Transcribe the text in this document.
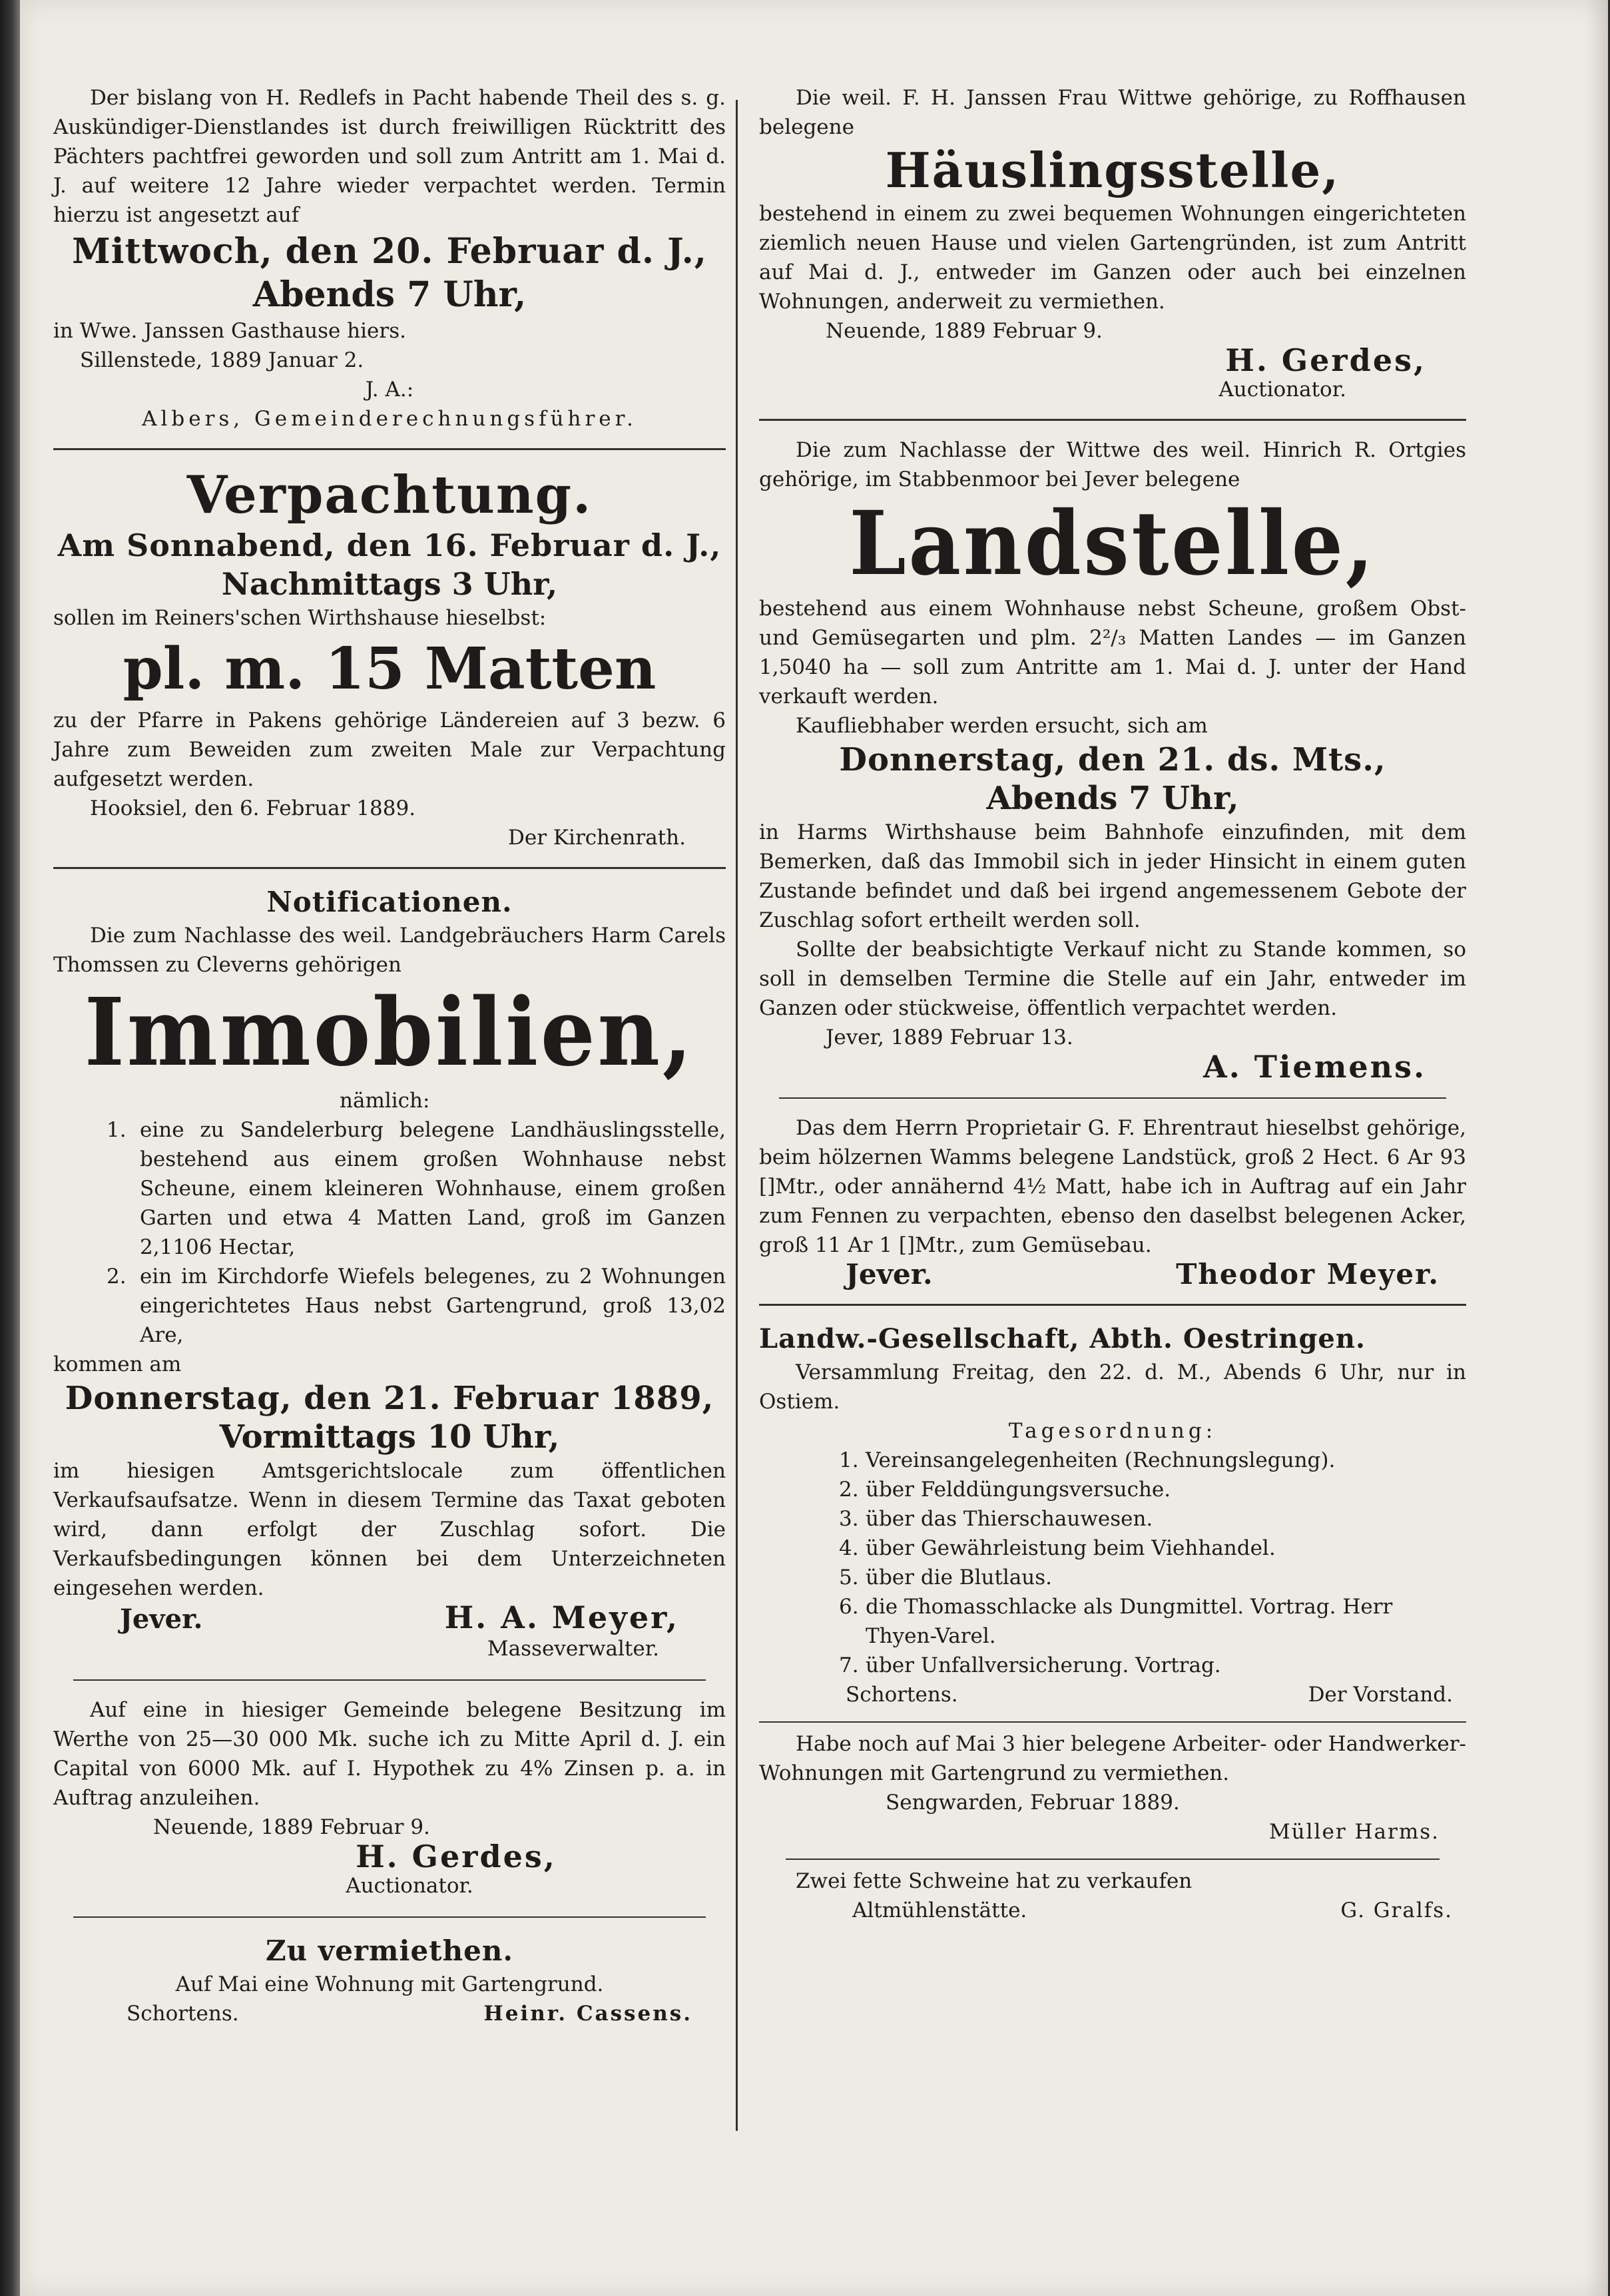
Der bislang von H. Redlefs in Pacht habende Theil des s. g. Auskündiger-Dienstlandes ist durch freiwilligen Rücktritt des Pächters pachtfrei geworden und soll zum Antritt am 1. Mai d. J. auf weitere 12 Jahre wieder verpachtet werden. Termin hierzu ist angesetzt auf

Mittwoch, den 20. Februar d. J.,
Abends 7 Uhr,

in Wwe. Janssen Gasthause hiers.

Sillenstede, 1889 Januar 2.

J. A.:

Albers, Gemeinderechnungsführer.

Verpachtung.
Am Sonnabend, den 16. Februar d. J.,
Nachmittags 3 Uhr,

sollen im Reiners'schen Wirthshause hieselbst:

pl. m. 15 Matten

zu der Pfarre in Pakens gehörige Ländereien auf 3 bezw. 6 Jahre zum Beweiden zum zweiten Male zur Verpachtung aufgesetzt werden.

Hooksiel, den 6. Februar 1889.

Der Kirchenrath.

Notificationen.

Die zum Nachlasse des weil. Landgebräuchers Harm Carels Thomssen zu Cleverns gehörigen

Immobilien,

nämlich:

1. eine zu Sandelerburg belegene Landhäuslingsstelle, bestehend aus einem großen Wohnhause nebst Scheune, einem kleineren Wohnhause, einem großen Garten und etwa 4 Matten Land, groß im Ganzen 2,1106 Hectar,
2. ein im Kirchdorfe Wiefels belegenes, zu 2 Wohnungen eingerichtetes Haus nebst Gartengrund, groß 13,02 Are,

kommen am

Donnerstag, den 21. Februar 1889,
Vormittags 10 Uhr,

im hiesigen Amtsgerichtslocale zum öffentlichen Verkaufsaufsatze. Wenn in diesem Termine das Taxat geboten wird, dann erfolgt der Zuschlag sofort. Die Verkaufsbedingungen können bei dem Unterzeichneten eingesehen werden.

Jever.	H. A. Meyer,

Masseverwalter.

Auf eine in hiesiger Gemeinde belegene Besitzung im Werthe von 25—30 000 Mk. suche ich zu Mitte April d. J. ein Capital von 6000 Mk. auf I. Hypothek zu 4% Zinsen p. a. in Auftrag anzuleihen.

Neuende, 1889 Februar 9.

H. Gerdes,

Auctionator.

Zu vermiethen.

Auf Mai eine Wohnung mit Gartengrund.

Schortens.	Heinr. Cassens.

Die weil. F. H. Janssen Frau Wittwe gehörige, zu Roffhausen belegene

Häuslingsstelle,

bestehend in einem zu zwei bequemen Wohnungen eingerichteten ziemlich neuen Hause und vielen Gartengründen, ist zum Antritt auf Mai d. J., entweder im Ganzen oder auch bei einzelnen Wohnungen, anderweit zu vermiethen.

Neuende, 1889 Februar 9.

H. Gerdes,

Auctionator.

Die zum Nachlasse der Wittwe des weil. Hinrich R. Ortgies gehörige, im Stabbenmoor bei Jever belegene

Landstelle,

bestehend aus einem Wohnhause nebst Scheune, großem Obst- und Gemüsegarten und plm. 2²/₃ Matten Landes — im Ganzen 1,5040 ha — soll zum Antritte am 1. Mai d. J. unter der Hand verkauft werden.

Kaufliebhaber werden ersucht, sich am

Donnerstag, den 21. ds. Mts.,
Abends 7 Uhr,

in Harms Wirthshause beim Bahnhofe einzufinden, mit dem Bemerken, daß das Immobil sich in jeder Hinsicht in einem guten Zustande befindet und daß bei irgend angemessenem Gebote der Zuschlag sofort ertheilt werden soll.

Sollte der beabsichtigte Verkauf nicht zu Stande kommen, so soll in demselben Termine die Stelle auf ein Jahr, entweder im Ganzen oder stückweise, öffentlich verpachtet werden.

Jever, 1889 Februar 13.

A. Tiemens.

Das dem Herrn Proprietair G. F. Ehrentraut hieselbst gehörige, beim hölzernen Wamms belegene Landstück, groß 2 Hect. 6 Ar 93 []Mtr., oder annähernd 4½ Matt, habe ich in Auftrag auf ein Jahr zum Fennen zu verpachten, ebenso den daselbst belegenen Acker, groß 11 Ar 1 []Mtr., zum Gemüsebau.

Jever.	Theodor Meyer.
Landw.-Gesellschaft, Abth. Oestringen.

Versammlung Freitag, den 22. d. M., Abends 6 Uhr, nur in Ostiem.

Tagesordnung:

1. Vereinsangelegenheiten (Rechnungslegung).
2. über Felddüngungsversuche.
3. über das Thierschauwesen.
4. über Gewährleistung beim Viehhandel.
5. über die Blutlaus.
6. die Thomasschlacke als Dungmittel. Vortrag. Herr Thyen-Varel.
7. über Unfallversicherung. Vortrag.
Schortens.	Der Vorstand.

Habe noch auf Mai 3 hier belegene Arbeiter- oder Handwerker-Wohnungen mit Gartengrund zu vermiethen.

Sengwarden, Februar 1889.

Müller Harms.

Zwei fette Schweine hat zu verkaufen

Altmühlenstätte.	G. Gralfs.
